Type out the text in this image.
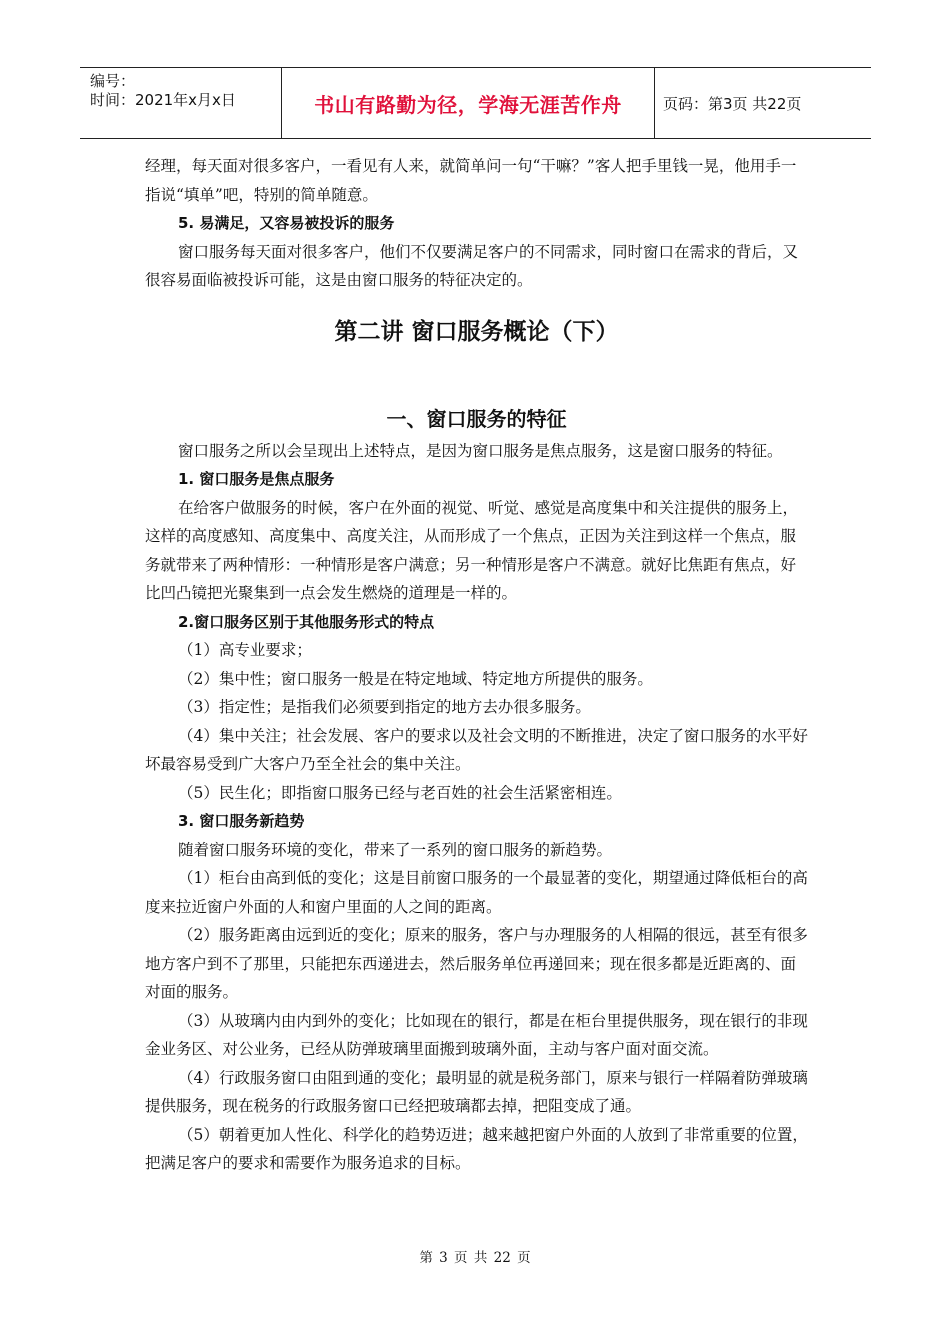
编号：
时间：2021年x月x日	书山有路勤为径，学海无涯苦作舟	页码：第3页 共22页

经理，每天面对很多客户，一看见有人来，就简单问一句“干嘛？”客人把手里钱一晃，他用手一指说“填单”吧，特别的简单随意。

5. 易满足，又容易被投诉的服务

窗口服务每天面对很多客户，他们不仅要满足客户的不同需求，同时窗口在需求的背后，又很容易面临被投诉可能，这是由窗口服务的特征决定的。

第二讲 窗口服务概论（下）
一、窗口服务的特征

窗口服务之所以会呈现出上述特点，是因为窗口服务是焦点服务，这是窗口服务的特征。

1. 窗口服务是焦点服务

在给客户做服务的时候，客户在外面的视觉、听觉、感觉是高度集中和关注提供的服务上，这样的高度感知、高度集中、高度关注，从而形成了一个焦点，正因为关注到这样一个焦点，服务就带来了两种情形：一种情形是客户满意；另一种情形是客户不满意。就好比焦距有焦点，好比凹凸镜把光聚集到一点会发生燃烧的道理是一样的。

2.窗口服务区别于其他服务形式的特点

（1）高专业要求；

（2）集中性；窗口服务一般是在特定地域、特定地方所提供的服务。

（3）指定性；是指我们必须要到指定的地方去办很多服务。

（4）集中关注；社会发展、客户的要求以及社会文明的不断推进，决定了窗口服务的水平好坏最容易受到广大客户乃至全社会的集中关注。

（5）民生化；即指窗口服务已经与老百姓的社会生活紧密相连。

3. 窗口服务新趋势

随着窗口服务环境的变化，带来了一系列的窗口服务的新趋势。

（1）柜台由高到低的变化；这是目前窗口服务的一个最显著的变化，期望通过降低柜台的高度来拉近窗户外面的人和窗户里面的人之间的距离。

（2）服务距离由远到近的变化；原来的服务，客户与办理服务的人相隔的很远，甚至有很多地方客户到不了那里，只能把东西递进去，然后服务单位再递回来；现在很多都是近距离的、面对面的服务。

（3）从玻璃内由内到外的变化；比如现在的银行，都是在柜台里提供服务，现在银行的非现金业务区、对公业务，已经从防弹玻璃里面搬到玻璃外面，主动与客户面对面交流。

（4）行政服务窗口由阻到通的变化；最明显的就是税务部门，原来与银行一样隔着防弹玻璃提供服务，现在税务的行政服务窗口已经把玻璃都去掉，把阻变成了通。

（5）朝着更加人性化、科学化的趋势迈进；越来越把窗户外面的人放到了非常重要的位置，把满足客户的要求和需要作为服务追求的目标。

第 3 页 共 22 页
